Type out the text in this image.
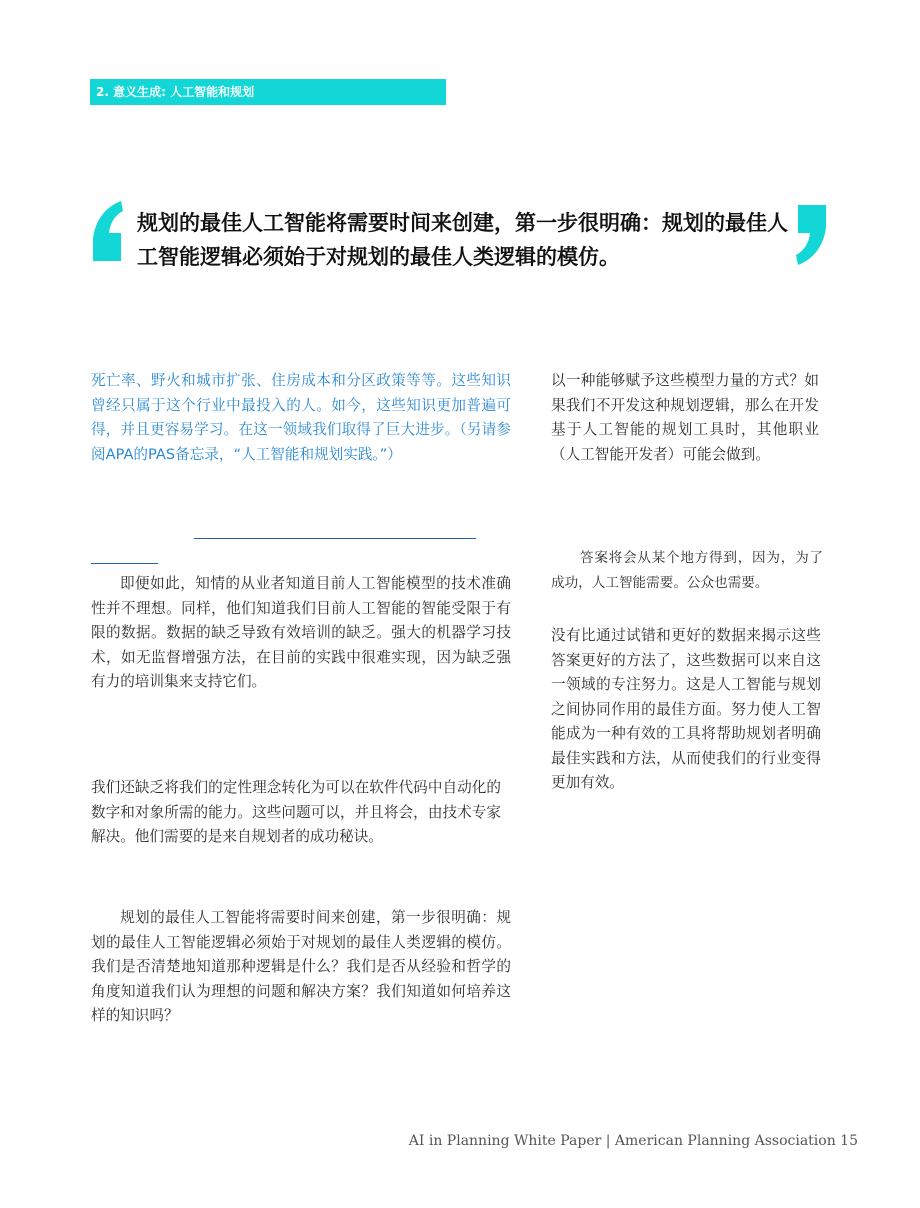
2. 意义生成: 人工智能和规划
规划的最佳人工智能将需要时间来创建，第一步很明确：规划的最佳人工智能逻辑必须始于对规划的最佳人类逻辑的模仿。
死亡率、野火和城市扩张、住房成本和分区政策等等。这些知识曾经只属于这个行业中最投入的人。如今，这些知识更加普遍可得，并且更容易学习。在这一领域我们取得了巨大进步。（另请参阅APA的PAS备忘录，“人工智能和规划实践。”）
即便如此，知情的从业者知道目前人工智能模型的技术准确性并不理想。同样，他们知道我们目前人工智能的智能受限于有限的数据。数据的缺乏导致有效培训的缺乏。强大的机器学习技术，如无监督增强方法，在目前的实践中很难实现，因为缺乏强有力的培训集来支持它们。
我们还缺乏将我们的定性理念转化为可以在软件代码中自动化的数字和对象所需的能力。这些问题可以，并且将会，由技术专家解决。他们需要的是来自规划者的成功秘诀。
规划的最佳人工智能将需要时间来创建，第一步很明确：规划的最佳人工智能逻辑必须始于对规划的最佳人类逻辑的模仿。我们是否清楚地知道那种逻辑是什么？我们是否从经验和哲学的角度知道我们认为理想的问题和解决方案？我们知道如何培养这样的知识吗？
以一种能够赋予这些模型力量的方式？如果我们不开发这种规划逻辑，那么在开发基于人工智能的规划工具时，其他职业（人工智能开发者）可能会做到。
答案将会从某个地方得到，因为，为了成功，人工智能需要。公众也需要。
没有比通过试错和更好的数据来揭示这些答案更好的方法了，这些数据可以来自这一领域的专注努力。这是人工智能与规划之间协同作用的最佳方面。努力使人工智能成为一种有效的工具将帮助规划者明确最佳实践和方法，从而使我们的行业变得更加有效。
AI in Planning White Paper | American Planning Association 15
